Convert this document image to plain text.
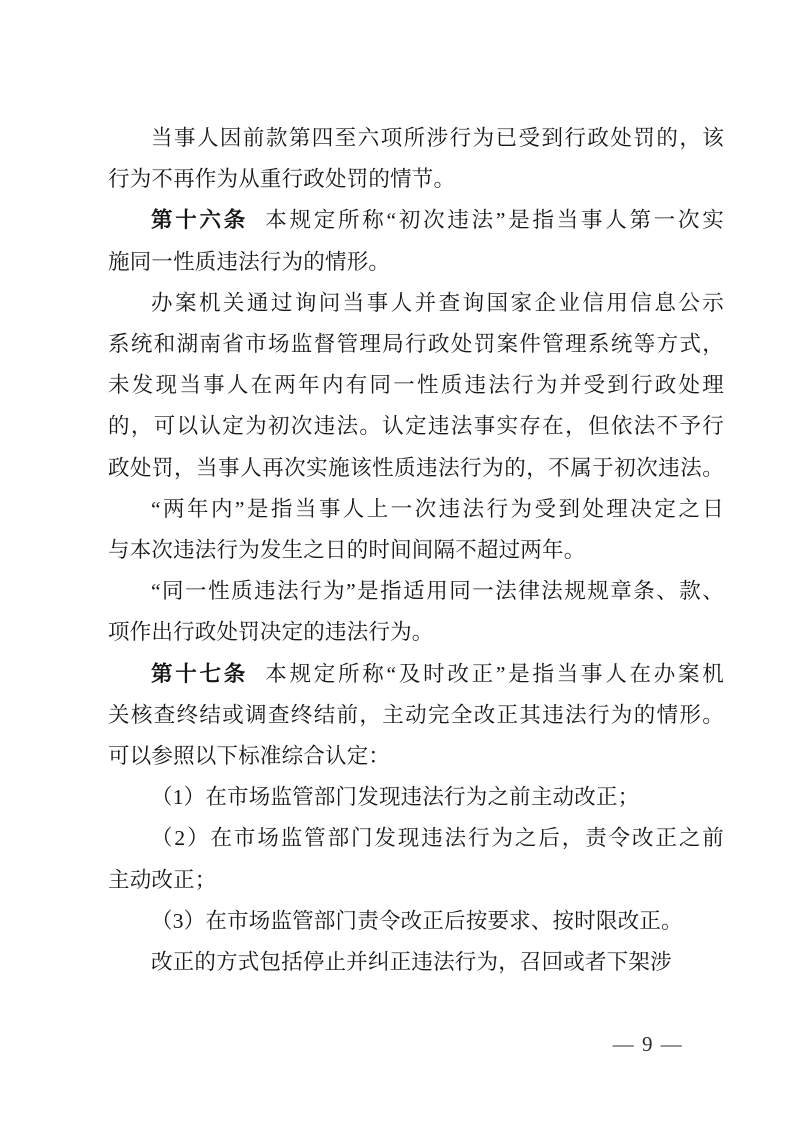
当事人因前款第四至六项所涉行为已受到行政处罚的，该
行为不再作为从重行政处罚的情节。
第十六条 本规定所称“初次违法”是指当事人第一次实
施同一性质违法行为的情形。
办案机关通过询问当事人并查询国家企业信用信息公示
系统和湖南省市场监督管理局行政处罚案件管理系统等方式，
未发现当事人在两年内有同一性质违法行为并受到行政处理
的，可以认定为初次违法。认定违法事实存在，但依法不予行
政处罚，当事人再次实施该性质违法行为的，不属于初次违法。
“两年内”是指当事人上一次违法行为受到处理决定之日
与本次违法行为发生之日的时间间隔不超过两年。
“同一性质违法行为”是指适用同一法律法规规章条、款、
项作出行政处罚决定的违法行为。
第十七条 本规定所称“及时改正”是指当事人在办案机
关核查终结或调查终结前，主动完全改正其违法行为的情形。
可以参照以下标准综合认定：
（1）在市场监管部门发现违法行为之前主动改正；
（2）在市场监管部门发现违法行为之后，责令改正之前
主动改正；
（3）在市场监管部门责令改正后按要求、按时限改正。
改正的方式包括停止并纠正违法行为，召回或者下架涉
— 9 —
